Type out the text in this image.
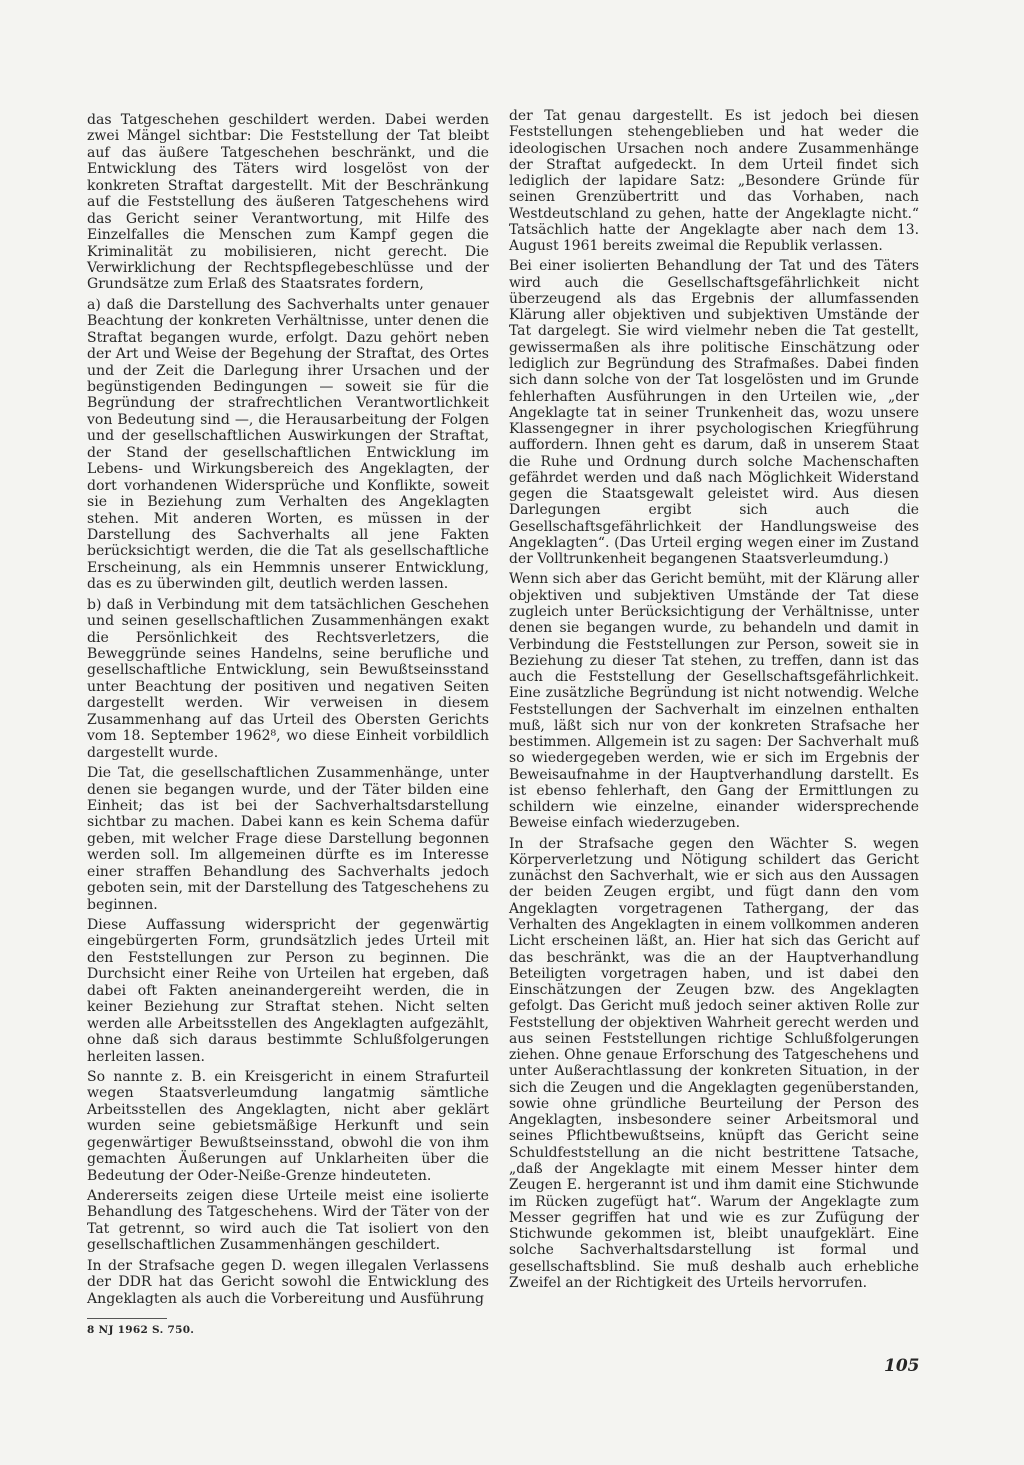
das Tatgeschehen geschildert werden. Dabei werden zwei Mängel sichtbar: Die Feststellung der Tat bleibt auf das äußere Tatgeschehen beschränkt, und die Entwicklung des Täters wird losgelöst von der konkreten Straftat dargestellt. Mit der Beschränkung auf die Feststellung des äußeren Tatgeschehens wird das Gericht seiner Verantwortung, mit Hilfe des Einzelfalles die Menschen zum Kampf gegen die Kriminalität zu mobilisieren, nicht gerecht. Die Verwirklichung der Rechtspflegebeschlüsse und der Grundsätze zum Erlaß des Staatsrates fordern,

a) daß die Darstellung des Sachverhalts unter genauer Beachtung der konkreten Verhältnisse, unter denen die Straftat begangen wurde, erfolgt. Dazu gehört neben der Art und Weise der Begehung der Straftat, des Ortes und der Zeit die Darlegung ihrer Ursachen und der begünstigenden Bedingungen — soweit sie für die Begründung der strafrechtlichen Verantwortlichkeit von Bedeutung sind —, die Herausarbeitung der Folgen und der gesellschaftlichen Auswirkungen der Straftat, der Stand der gesellschaftlichen Entwicklung im Lebens- und Wirkungsbereich des Angeklagten, der dort vorhandenen Widersprüche und Konflikte, soweit sie in Beziehung zum Verhalten des Angeklagten stehen. Mit anderen Worten, es müssen in der Darstellung des Sachverhalts all jene Fakten berücksichtigt werden, die die Tat als gesellschaftliche Erscheinung, als ein Hemmnis unserer Entwicklung, das es zu überwinden gilt, deutlich werden lassen.

b) daß in Verbindung mit dem tatsächlichen Geschehen und seinen gesellschaftlichen Zusammenhängen exakt die Persönlichkeit des Rechtsverletzers, die Beweggründe seines Handelns, seine berufliche und gesellschaftliche Entwicklung, sein Bewußtseinsstand unter Beachtung der positiven und negativen Seiten dargestellt werden. Wir verweisen in diesem Zusammenhang auf das Urteil des Obersten Gerichts vom 18. September 1962⁸, wo diese Einheit vorbildlich dargestellt wurde.

Die Tat, die gesellschaftlichen Zusammenhänge, unter denen sie begangen wurde, und der Täter bilden eine Einheit; das ist bei der Sachverhaltsdarstellung sichtbar zu machen. Dabei kann es kein Schema dafür geben, mit welcher Frage diese Darstellung begonnen werden soll. Im allgemeinen dürfte es im Interesse einer straffen Behandlung des Sachverhalts jedoch geboten sein, mit der Darstellung des Tatgeschehens zu beginnen.

Diese Auffassung widerspricht der gegenwärtig eingebürgerten Form, grundsätzlich jedes Urteil mit den Feststellungen zur Person zu beginnen. Die Durchsicht einer Reihe von Urteilen hat ergeben, daß dabei oft Fakten aneinandergereiht werden, die in keiner Beziehung zur Straftat stehen. Nicht selten werden alle Arbeitsstellen des Angeklagten aufgezählt, ohne daß sich daraus bestimmte Schlußfolgerungen herleiten lassen.

So nannte z. B. ein Kreisgericht in einem Strafurteil wegen Staatsverleumdung langatmig sämtliche Arbeitsstellen des Angeklagten, nicht aber geklärt wurden seine gebietsmäßige Herkunft und sein gegenwärtiger Bewußtseinsstand, obwohl die von ihm gemachten Äußerungen auf Unklarheiten über die Bedeutung der Oder-Neiße-Grenze hindeuteten.

Andererseits zeigen diese Urteile meist eine isolierte Behandlung des Tatgeschehens. Wird der Täter von der Tat getrennt, so wird auch die Tat isoliert von den gesellschaftlichen Zusammenhängen geschildert.

In der Strafsache gegen D. wegen illegalen Verlassens der DDR hat das Gericht sowohl die Entwicklung des Angeklagten als auch die Vorbereitung und Ausführung

8 NJ 1962 S. 750.

der Tat genau dargestellt. Es ist jedoch bei diesen Feststellungen stehengeblieben und hat weder die ideologischen Ursachen noch andere Zusammenhänge der Straftat aufgedeckt. In dem Urteil findet sich lediglich der lapidare Satz: „Besondere Gründe für seinen Grenzübertritt und das Vorhaben, nach Westdeutschland zu gehen, hatte der Angeklagte nicht.“ Tatsächlich hatte der Angeklagte aber nach dem 13. August 1961 bereits zweimal die Republik verlassen.

Bei einer isolierten Behandlung der Tat und des Täters wird auch die Gesellschaftsgefährlichkeit nicht überzeugend als das Ergebnis der allumfassenden Klärung aller objektiven und subjektiven Umstände der Tat dargelegt. Sie wird vielmehr neben die Tat gestellt, gewissermaßen als ihre politische Einschätzung oder lediglich zur Begründung des Strafmaßes. Dabei finden sich dann solche von der Tat losgelösten und im Grunde fehlerhaften Ausführungen in den Urteilen wie, „der Angeklagte tat in seiner Trunkenheit das, wozu unsere Klassengegner in ihrer psychologischen Kriegführung auffordern. Ihnen geht es darum, daß in unserem Staat die Ruhe und Ordnung durch solche Machenschaften gefährdet werden und daß nach Möglichkeit Widerstand gegen die Staatsgewalt geleistet wird. Aus diesen Darlegungen ergibt sich auch die Gesellschaftsgefährlichkeit der Handlungsweise des Angeklagten“. (Das Urteil erging wegen einer im Zustand der Volltrunkenheit begangenen Staatsverleumdung.)

Wenn sich aber das Gericht bemüht, mit der Klärung aller objektiven und subjektiven Umstände der Tat diese zugleich unter Berücksichtigung der Verhältnisse, unter denen sie begangen wurde, zu behandeln und damit in Verbindung die Feststellungen zur Person, soweit sie in Beziehung zu dieser Tat stehen, zu treffen, dann ist das auch die Feststellung der Gesellschaftsgefährlichkeit. Eine zusätzliche Begründung ist nicht notwendig. Welche Feststellungen der Sachverhalt im einzelnen enthalten muß, läßt sich nur von der konkreten Strafsache her bestimmen. Allgemein ist zu sagen: Der Sachverhalt muß so wiedergegeben werden, wie er sich im Ergebnis der Beweisaufnahme in der Hauptverhandlung darstellt. Es ist ebenso fehlerhaft, den Gang der Ermittlungen zu schildern wie einzelne, einander widersprechende Beweise einfach wiederzugeben.

In der Strafsache gegen den Wächter S. wegen Körperverletzung und Nötigung schildert das Gericht zunächst den Sachverhalt, wie er sich aus den Aussagen der beiden Zeugen ergibt, und fügt dann den vom Angeklagten vorgetragenen Tathergang, der das Verhalten des Angeklagten in einem vollkommen anderen Licht erscheinen läßt, an. Hier hat sich das Gericht auf das beschränkt, was die an der Hauptverhandlung Beteiligten vorgetragen haben, und ist dabei den Einschätzungen der Zeugen bzw. des Angeklagten gefolgt. Das Gericht muß jedoch seiner aktiven Rolle zur Feststellung der objektiven Wahrheit gerecht werden und aus seinen Feststellungen richtige Schlußfolgerungen ziehen. Ohne genaue Erforschung des Tatgeschehens und unter Außerachtlassung der konkreten Situation, in der sich die Zeugen und die Angeklagten gegenüberstanden, sowie ohne gründliche Beurteilung der Person des Angeklagten, insbesondere seiner Arbeitsmoral und seines Pflichtbewußtseins, knüpft das Gericht seine Schuldfeststellung an die nicht bestrittene Tatsache, „daß der Angeklagte mit einem Messer hinter dem Zeugen E. hergerannt ist und ihm damit eine Stichwunde im Rücken zugefügt hat“. Warum der Angeklagte zum Messer gegriffen hat und wie es zur Zufügung der Stichwunde gekommen ist, bleibt unaufgeklärt. Eine solche Sachverhaltsdarstellung ist formal und gesellschaftsblind. Sie muß deshalb auch erhebliche Zweifel an der Richtigkeit des Urteils hervorrufen.

105
